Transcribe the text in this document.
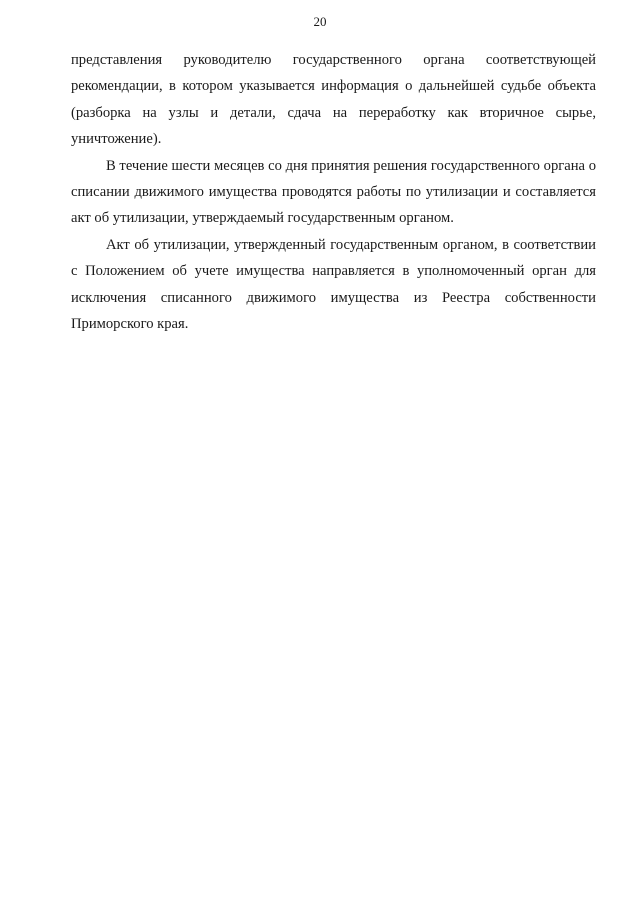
20

представления руководителю государственного органа соответствующей рекомендации, в котором указывается информация о дальнейшей судьбе объекта (разборка на узлы и детали, сдача на переработку как вторичное сырье, уничтожение).

В течение шести месяцев со дня принятия решения государственного органа о списании движимого имущества проводятся работы по утилизации и составляется акт об утилизации, утверждаемый государственным органом.

Акт об утилизации, утвержденный государственным органом, в соответствии с Положением об учете имущества направляется в уполномоченный орган для исключения списанного движимого имущества из Реестра собственности Приморского края.
